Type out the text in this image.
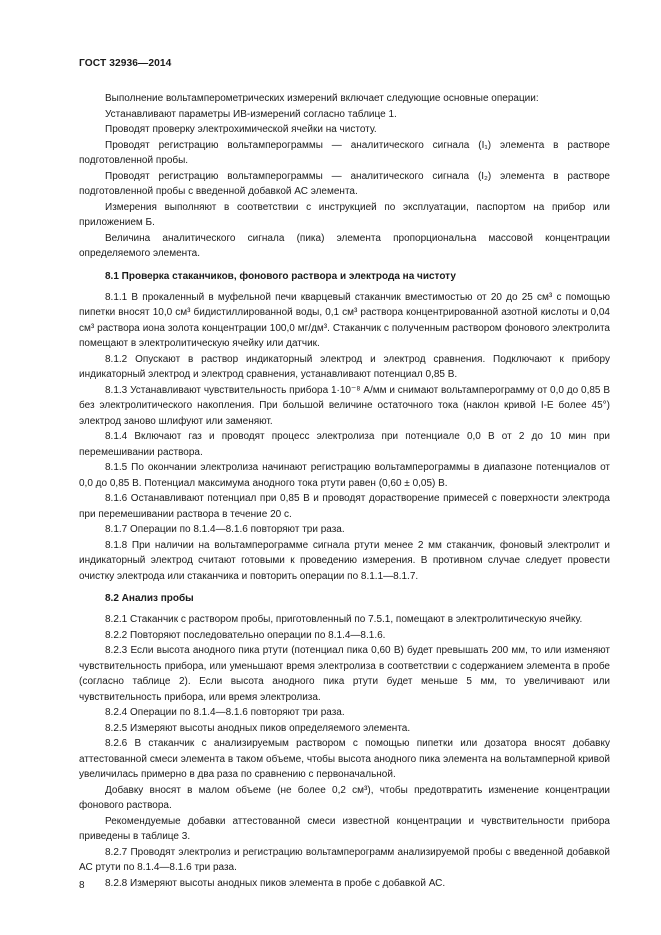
ГОСТ 32936—2014

Выполнение вольтамперометрических измерений включает следующие основные операции:

Устанавливают параметры ИВ-измерений согласно таблице 1.

Проводят проверку электрохимической ячейки на чистоту.

Проводят регистрацию вольтамперограммы — аналитического сигнала (I₁) элемента в растворе подготовленной пробы.

Проводят регистрацию вольтамперограммы — аналитического сигнала (I₂) элемента в растворе подготовленной пробы с введенной добавкой АС элемента.

Измерения выполняют в соответствии с инструкцией по эксплуатации, паспортом на прибор или приложением Б.

Величина аналитического сигнала (пика) элемента пропорциональна массовой концентрации определяемого элемента.

8.1 Проверка стаканчиков, фонового раствора и электрода на чистоту

8.1.1 В прокаленный в муфельной печи кварцевый стаканчик вместимостью от 20 до 25 см³ с помощью пипетки вносят 10,0 см³ бидистиллированной воды, 0,1 см³ раствора концентрированной азотной кислоты и 0,04 см³ раствора иона золота концентрации 100,0 мг/дм³. Стаканчик с полученным раствором фонового электролита помещают в электролитическую ячейку или датчик.

8.1.2 Опускают в раствор индикаторный электрод и электрод сравнения. Подключают к прибору индикаторный электрод и электрод сравнения, устанавливают потенциал 0,85 В.

8.1.3 Устанавливают чувствительность прибора 1·10⁻⁸ А/мм и снимают вольтамперограмму от 0,0 до 0,85 В без электролитического накопления. При большой величине остаточного тока (наклон кривой I-E более 45°) электрод заново шлифуют или заменяют.

8.1.4 Включают газ и проводят процесс электролиза при потенциале 0,0 В от 2 до 10 мин при перемешивании раствора.

8.1.5 По окончании электролиза начинают регистрацию вольтамперограммы в диапазоне потенциалов от 0,0 до 0,85 В. Потенциал максимума анодного тока ртути равен (0,60 ± 0,05) В.

8.1.6 Останавливают потенциал при 0,85 В и проводят дорастворение примесей с поверхности электрода при перемешивании раствора в течение 20 с.

8.1.7 Операции по 8.1.4—8.1.6 повторяют три раза.

8.1.8 При наличии на вольтамперограмме сигнала ртути менее 2 мм стаканчик, фоновый электролит и индикаторный электрод считают готовыми к проведению измерения. В противном случае следует провести очистку электрода или стаканчика и повторить операции по 8.1.1—8.1.7.

8.2 Анализ пробы

8.2.1 Стаканчик с раствором пробы, приготовленный по 7.5.1, помещают в электролитическую ячейку.

8.2.2 Повторяют последовательно операции по 8.1.4—8.1.6.

8.2.3 Если высота анодного пика ртути (потенциал пика 0,60 В) будет превышать 200 мм, то или изменяют чувствительность прибора, или уменьшают время электролиза в соответствии с содержанием элемента в пробе (согласно таблице 2). Если высота анодного пика ртути будет меньше 5 мм, то увеличивают или чувствительность прибора, или время электролиза.

8.2.4 Операции по 8.1.4—8.1.6 повторяют три раза.

8.2.5 Измеряют высоты анодных пиков определяемого элемента.

8.2.6 В стаканчик с анализируемым раствором с помощью пипетки или дозатора вносят добавку аттестованной смеси элемента в таком объеме, чтобы высота анодного пика элемента на вольтамперной кривой увеличилась примерно в два раза по сравнению с первоначальной.

Добавку вносят в малом объеме (не более 0,2 см³), чтобы предотвратить изменение концентрации фонового раствора.

Рекомендуемые добавки аттестованной смеси известной концентрации и чувствительности прибора приведены в таблице 3.

8.2.7 Проводят электролиз и регистрацию вольтамперограмм анализируемой пробы с введенной добавкой АС ртути по 8.1.4—8.1.6 три раза.

8.2.8 Измеряют высоты анодных пиков элемента в пробе с добавкой АС.

8
